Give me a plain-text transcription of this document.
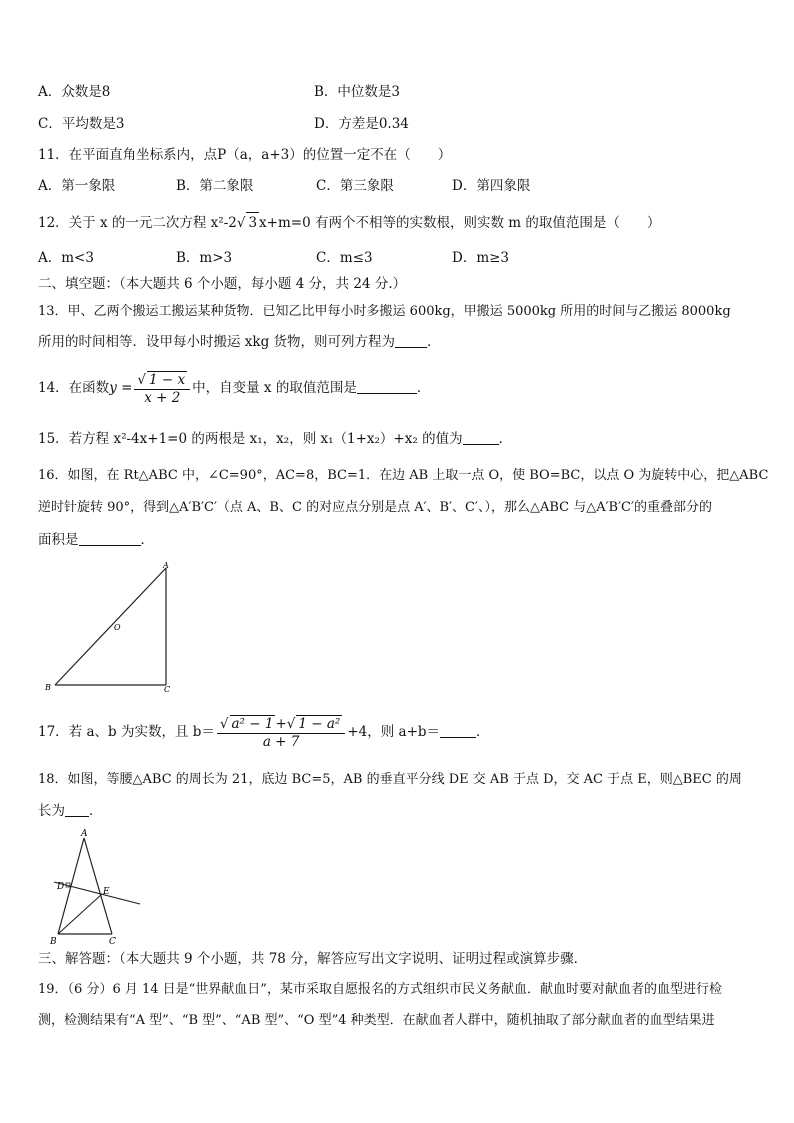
A．众数是8	B．中位数是3
C．平均数是3	D．方差是0.34
11．在平面直角坐标系内，点P（a，a+3）的位置一定不在（　　）
A．第一象限	B．第二象限	C．第三象限	D．第四象限
12．关于 x 的一元二次方程 x²-2√ 3 x+m=0 有两个不相等的实数根，则实数 m 的取值范围是（　　）
A．m<3	B．m>3	C．m≤3	D．m≥3
二、填空题：（本大题共 6 个小题，每小题 4 分，共 24 分.）
13．甲、乙两个搬运工搬运某种货物．已知乙比甲每小时多搬运 600kg，甲搬运 5000kg 所用的时间与乙搬运 8000kg
所用的时间相等．设甲每小时搬运 xkg 货物，则可列方程为 ．
14．在函数$y = \frac{√ 1 - x}{x + 2}$ 中，自变量 x 的取值范围是	．
15．若方程 x²-4x+1=0 的两根是 x₁，x₂，则 x₁（1+x₂）+x₂ 的值为	．
16．如图，在 Rt△ABC 中，∠C=90°，AC=8，BC=1．在边 AB 上取一点 O，使 BO=BC，以点 O 为旋转中心，把△ABC
逆时针旋转 90°，得到△A′B′C′（点 A、B、C 的对应点分别是点 A′、B′、C′、），那么△ABC 与△A′B′C′的重叠部分的
面积是	．
A
O
B	C
17．若 a、b 为实数，且 $b= \frac{\text{√ a² − 1 +√ 1 − a²}}{a + 7} +4$，则 a+b＝	．
18．如图，等腰△ABC 的周长为 21，底边 BC=5，AB 的垂直平分线 DE 交 AB 于点 D，交 AC 于点 E，则△BEC 的周
长为 ．
A
D	E
B	C
三、解答题：（本大题共 9 个小题，共 78 分，解答应写出文字说明、证明过程或演算步骤．
19．（6 分）6 月 14 日是“世界献血日”，某市采取自愿报名的方式组织市民义务献血．献血时要对献血者的血型进行检
测，检测结果有“A 型”、“B 型”、“AB 型”、“O 型”4 种类型．在献血者人群中，随机抽取了部分献血者的血型结果进
